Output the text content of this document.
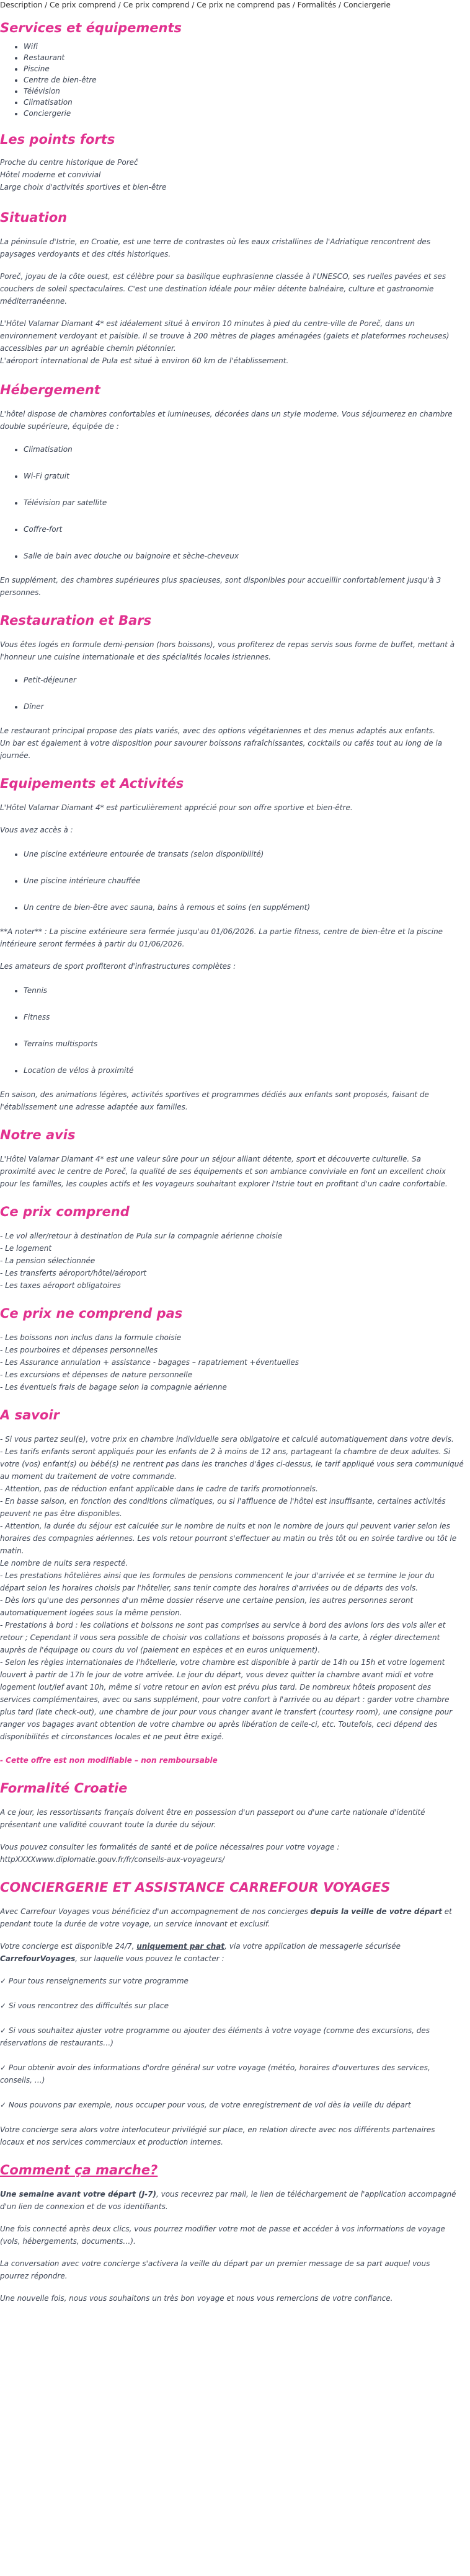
Description / Ce prix comprend / Ce prix comprend / Ce prix ne comprend pas / Formalités / Conciergerie
Services et équipements
• Wifi
• Restaurant
• Piscine
• Centre de bien-être
• Télévision
• Climatisation
• Conciergerie
Les points forts

Proche du centre historique de Poreč

Hôtel moderne et convivial

Large choix d'activités sportives et bien-être

Situation

La péninsule d'Istrie, en Croatie, est une terre de contrastes où les eaux cristallines de l'Adriatique rencontrent des

paysages verdoyants et des cités historiques.

Poreč, joyau de la côte ouest, est célèbre pour sa basilique euphrasienne classée à l'UNESCO, ses ruelles pavées et ses

couchers de soleil spectaculaires. C'est une destination idéale pour mêler détente balnéaire, culture et gastronomie

méditerranéenne.

L'Hôtel Valamar Diamant 4* est idéalement situé à environ 10 minutes à pied du centre-ville de Poreč, dans un

environnement verdoyant et paisible. Il se trouve à 200 mètres de plages aménagées (galets et plateformes rocheuses)

accessibles par un agréable chemin piétonnier.

L'aéroport international de Pula est situé à environ 60 km de l'établissement.

Hébergement

L'hôtel dispose de chambres confortables et lumineuses, décorées dans un style moderne. Vous séjournerez en chambre

double supérieure, équipée de :

• Climatisation
• Wi-Fi gratuit
• Télévision par satellite
• Coffre-fort
• Salle de bain avec douche ou baignoire et sèche-cheveux

En supplément, des chambres supérieures plus spacieuses, sont disponibles pour accueillir confortablement jusqu'à 3

personnes.

Restauration et Bars

Vous êtes logés en formule demi-pension (hors boissons), vous profiterez de repas servis sous forme de buffet, mettant à

l'honneur une cuisine internationale et des spécialités locales istriennes.

• Petit-déjeuner
• Dîner

Le restaurant principal propose des plats variés, avec des options végétariennes et des menus adaptés aux enfants.

Un bar est également à votre disposition pour savourer boissons rafraîchissantes, cocktails ou cafés tout au long de la

journée.

Equipements et Activités

L'Hôtel Valamar Diamant 4* est particulièrement apprécié pour son offre sportive et bien-être.

Vous avez accès à :

• Une piscine extérieure entourée de transats (selon disponibilité)
• Une piscine intérieure chauffée
• Un centre de bien-être avec sauna, bains à remous et soins (en supplément)

**A noter** : La piscine extérieure sera fermée jusqu'au 01/06/2026. La partie fitness, centre de bien-être et la piscine

intérieure seront fermées à partir du 01/06/2026.

Les amateurs de sport profiteront d'infrastructures complètes :

• Tennis
• Fitness
• Terrains multisports
• Location de vélos à proximité

En saison, des animations légères, activités sportives et programmes dédiés aux enfants sont proposés, faisant de

l'établissement une adresse adaptée aux familles.

Notre avis

L'Hôtel Valamar Diamant 4* est une valeur sûre pour un séjour alliant détente, sport et découverte culturelle. Sa

proximité avec le centre de Poreč, la qualité de ses équipements et son ambiance conviviale en font un excellent choix

pour les familles, les couples actifs et les voyageurs souhaitant explorer l'Istrie tout en profitant d'un cadre confortable.

Ce prix comprend

- Le vol aller/retour à destination de Pula sur la compagnie aérienne choisie

- Le logement

- La pension sélectionnée

- Les transferts aéroport/hôtel/aéroport

- Les taxes aéroport obligatoires

Ce prix ne comprend pas

- Les boissons non inclus dans la formule choisie

- Les pourboires et dépenses personnelles

- Les Assurance annulation + assistance - bagages – rapatriement +éventuelles

- Les excursions et dépenses de nature personnelle

- Les éventuels frais de bagage selon la compagnie aérienne

A savoir

- Si vous partez seul(e), votre prix en chambre individuelle sera obligatoire et calculé automatiquement dans votre devis.

- Les tarifs enfants seront appliqués pour les enfants de 2 à moins de 12 ans, partageant la chambre de deux adultes. Si

votre (vos) enfant(s) ou bébé(s) ne rentrent pas dans les tranches d'âges ci-dessus, le tarif appliqué vous sera communiqué

au moment du traitement de votre commande.

- Attention, pas de réduction enfant applicable dans le cadre de tarifs promotionnels.

- En basse saison, en fonction des conditions climatiques, ou si l'affluence de l'hôtel est insuffisante, certaines activités

peuvent ne pas être disponibles.

- Attention, la durée du séjour est calculée sur le nombre de nuits et non le nombre de jours qui peuvent varier selon les

horaires des compagnies aériennes. Les vols retour pourront s'effectuer au matin ou très tôt ou en soirée tardive ou tôt le matin.

Le nombre de nuits sera respecté.

- Les prestations hôtelières ainsi que les formules de pensions commencent le jour d'arrivée et se termine le jour du

départ selon les horaires choisis par l'hôtelier, sans tenir compte des horaires d'arrivées ou de départs des vols.

- Dès lors qu'une des personnes d'un même dossier réserve une certaine pension, les autres personnes seront

automatiquement logées sous la même pension.

- Prestations à bord : les collations et boissons ne sont pas comprises au service à bord des avions lors des vols aller et

retour ; Cependant il vous sera possible de choisir vos collations et boissons proposés à la carte, à régler directement

auprès de l'équipage ou cours du vol (paiement en espèces et en euros uniquement).

- Selon les règles internationales de l'hôtellerie, votre chambre est disponible à partir de 14h ou 15h et votre logement

louvert à partir de 17h le jour de votre arrivée. Le jour du départ, vous devez quitter la chambre avant midi et votre

logement lout/lef avant 10h, même si votre retour en avion est prévu plus tard. De nombreux hôtels proposent des

services complémentaires, avec ou sans supplément, pour votre confort à l'arrivée ou au départ : garder votre chambre

plus tard (late check-out), une chambre de jour pour vous changer avant le transfert (courtesy room), une consigne pour

ranger vos bagages avant obtention de votre chambre ou après libération de celle-ci, etc. Toutefois, ceci dépend des

disponibilités et circonstances locales et ne peut être exigé.

- Cette offre est non modifiable – non remboursable

Formalité Croatie

A ce jour, les ressortissants français doivent être en possession d'un passeport ou d'une carte nationale d'identité

présentant une validité couvrant toute la durée du séjour.

Vous pouvez consulter les formalités de santé et de police nécessaires pour votre voyage :

httpXXXXwww.diplomatie.gouv.fr/fr/conseils-aux-voyageurs/

CONCIERGERIE ET ASSISTANCE CARREFOUR VOYAGES

Avec Carrefour Voyages vous bénéficiez d'un accompagnement de nos concierges depuis la veille de votre départ et

pendant toute la durée de votre voyage, un service innovant et exclusif.

Votre concierge est disponible 24/7, uniquement par chat, via votre application de messagerie sécurisée

CarrefourVoyages, sur laquelle vous pouvez le contacter :

✓ Pour tous renseignements sur votre programme

✓ Si vous rencontrez des difficultés sur place

✓ Si vous souhaitez ajuster votre programme ou ajouter des éléments à votre voyage (comme des excursions, des

réservations de restaurants…)

✓ Pour obtenir avoir des informations d'ordre général sur votre voyage (météo, horaires d'ouvertures des services,

conseils, …)

✓ Nous pouvons par exemple, nous occuper pour vous, de votre enregistrement de vol dès la veille du départ

Votre concierge sera alors votre interlocuteur privilégié sur place, en relation directe avec nos différents partenaires

locaux et nos services commerciaux et production internes.

Comment ça marche?

Une semaine avant votre départ (J-7), vous recevrez par mail, le lien de téléchargement de l'application accompagné

d'un lien de connexion et de vos identifiants.

Une fois connecté après deux clics, vous pourrez modifier votre mot de passe et accéder à vos informations de voyage

(vols, hébergements, documents…).

La conversation avec votre concierge s'activera la veille du départ par un premier message de sa part auquel vous

pourrez répondre.

Une nouvelle fois, nous vous souhaitons un très bon voyage et nous vous remercions de votre confiance.
